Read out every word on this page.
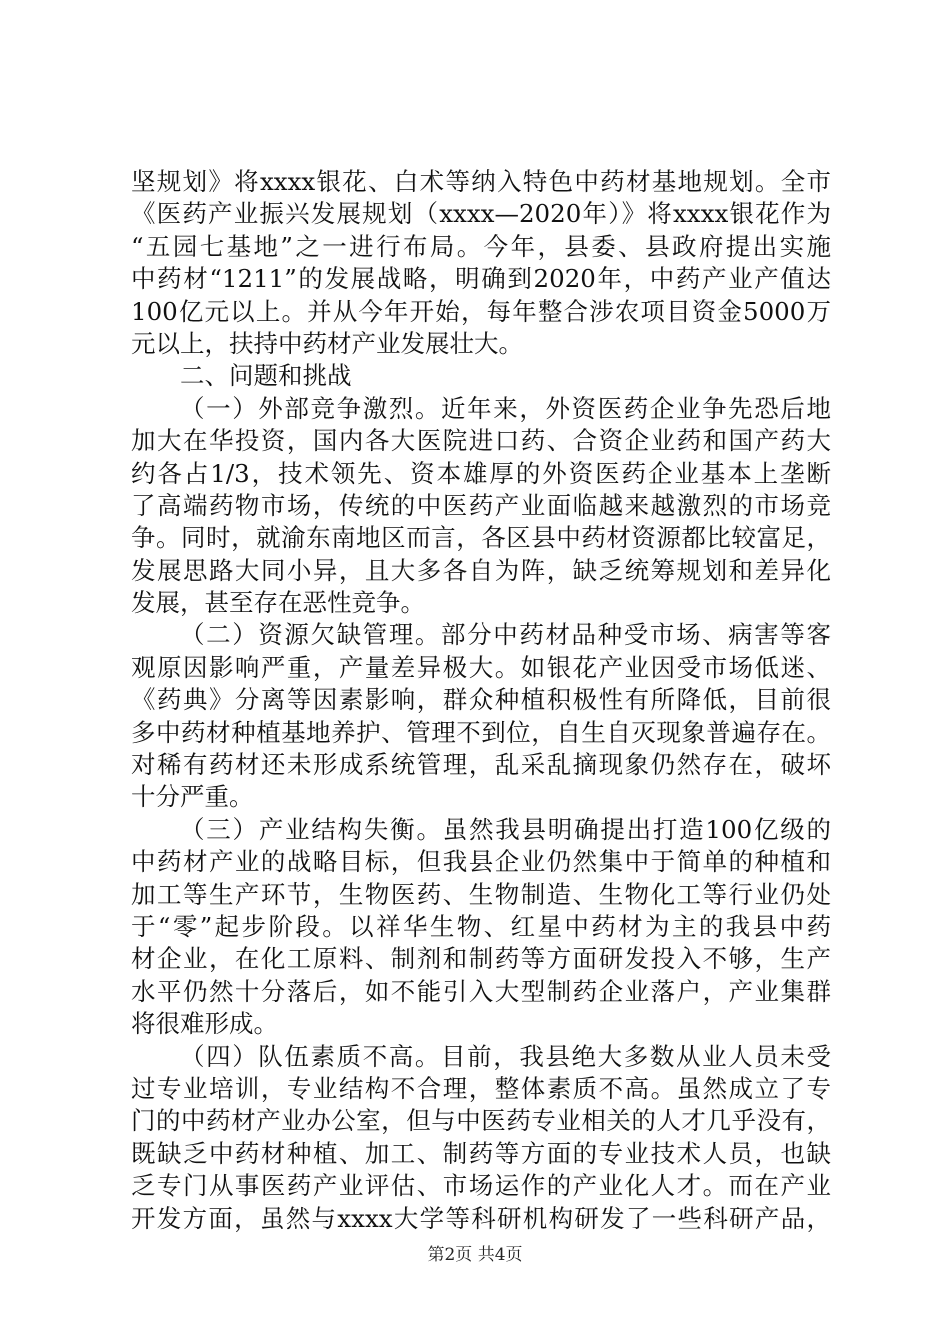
坚规划》将xxxx银花、白术等纳入特色中药材基地规划。全市
《医药产业振兴发展规划（xxxx—2020年）》将xxxx银花作为
“五园七基地”之一进行布局。今年，县委、县政府提出实施
中药材“1211”的发展战略，明确到2020年，中药产业产值达
100亿元以上。并从今年开始，每年整合涉农项目资金5000万
元以上，扶持中药材产业发展壮大。
二、问题和挑战
（一）外部竞争激烈。近年来，外资医药企业争先恐后地
加大在华投资，国内各大医院进口药、合资企业药和国产药大
约各占1/3，技术领先、资本雄厚的外资医药企业基本上垄断
了高端药物市场，传统的中医药产业面临越来越激烈的市场竞
争。同时，就渝东南地区而言，各区县中药材资源都比较富足，
发展思路大同小异，且大多各自为阵，缺乏统筹规划和差异化
发展，甚至存在恶性竞争。
（二）资源欠缺管理。部分中药材品种受市场、病害等客
观原因影响严重，产量差异极大。如银花产业因受市场低迷、
《药典》分离等因素影响，群众种植积极性有所降低，目前很
多中药材种植基地养护、管理不到位，自生自灭现象普遍存在。
对稀有药材还未形成系统管理，乱采乱摘现象仍然存在，破坏
十分严重。
（三）产业结构失衡。虽然我县明确提出打造100亿级的
中药材产业的战略目标，但我县企业仍然集中于简单的种植和
加工等生产环节，生物医药、生物制造、生物化工等行业仍处
于“零”起步阶段。以祥华生物、红星中药材为主的我县中药
材企业，在化工原料、制剂和制药等方面研发投入不够，生产
水平仍然十分落后，如不能引入大型制药企业落户，产业集群
将很难形成。
（四）队伍素质不高。目前，我县绝大多数从业人员未受
过专业培训，专业结构不合理，整体素质不高。虽然成立了专
门的中药材产业办公室，但与中医药专业相关的人才几乎没有，
既缺乏中药材种植、加工、制药等方面的专业技术人员，也缺
乏专门从事医药产业评估、市场运作的产业化人才。而在产业
开发方面，虽然与xxxx大学等科研机构研发了一些科研产品，
第2页 共4页
